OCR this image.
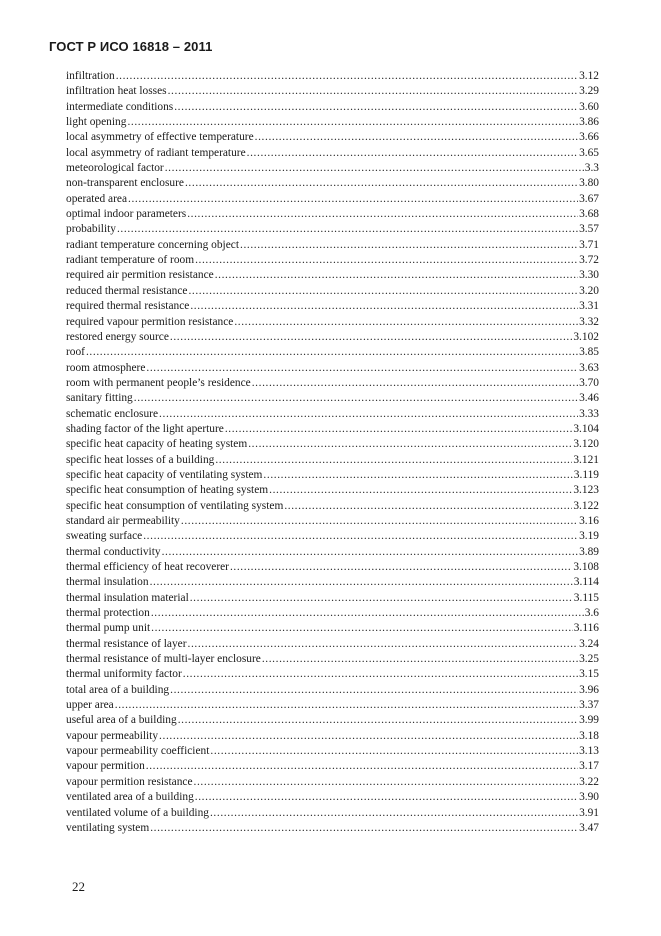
ГОСТ Р ИСО 16818 – 2011
infiltration .....	3.12
infiltration heat losses .....	3.29
intermediate conditions .....	3.60
light opening .....	3.86
local asymmetry of effective temperature .....	3.66
local asymmetry of radiant temperature .....	3.65
meteorological factor .....	3.3
non-transparent enclosure .....	3.80
operated area .....	3.67
optimal indoor parameters .....	3.68
probability .....	3.57
radiant temperature concerning object .....	3.71
radiant temperature of room .....	3.72
required air permition resistance .....	3.30
reduced thermal resistance .....	3.20
required thermal resistance .....	3.31
required vapour permition resistance .....	3.32
restored energy source .....	3.102
roof .....	3.85
room atmosphere .....	3.63
room with permanent people’s residence .....	3.70
sanitary fitting .....	3.46
schematic enclosure .....	3.33
shading factor of the light aperture .....	3.104
specific heat capacity of heating system .....	3.120
specific heat losses of a building .....	3.121
specific heat capacity of ventilating system .....	3.119
specific heat consumption of heating system .....	3.123
specific heat consumption of ventilating system .....	3.122
standard air permeability .....	3.16
sweating surface .....	3.19
thermal conductivity .....	3.89
thermal efficiency of heat recoverer .....	3.108
thermal insulation .....	3.114
thermal insulation material .....	3.115
thermal protection .....	3.6
thermal pump unit .....	3.116
thermal resistance of layer .....	3.24
thermal resistance of multi-layer enclosure .....	3.25
thermal uniformity factor .....	3.15
total area of a building .....	3.96
upper area .....	3.37
useful area of a building .....	3.99
vapour permeability .....	3.18
vapour permeability coefficient .....	3.13
vapour permition .....	3.17
vapour permition resistance .....	3.22
ventilated area of a building .....	3.90
ventilated volume of a building .....	3.91
ventilating system .....	3.47
22
